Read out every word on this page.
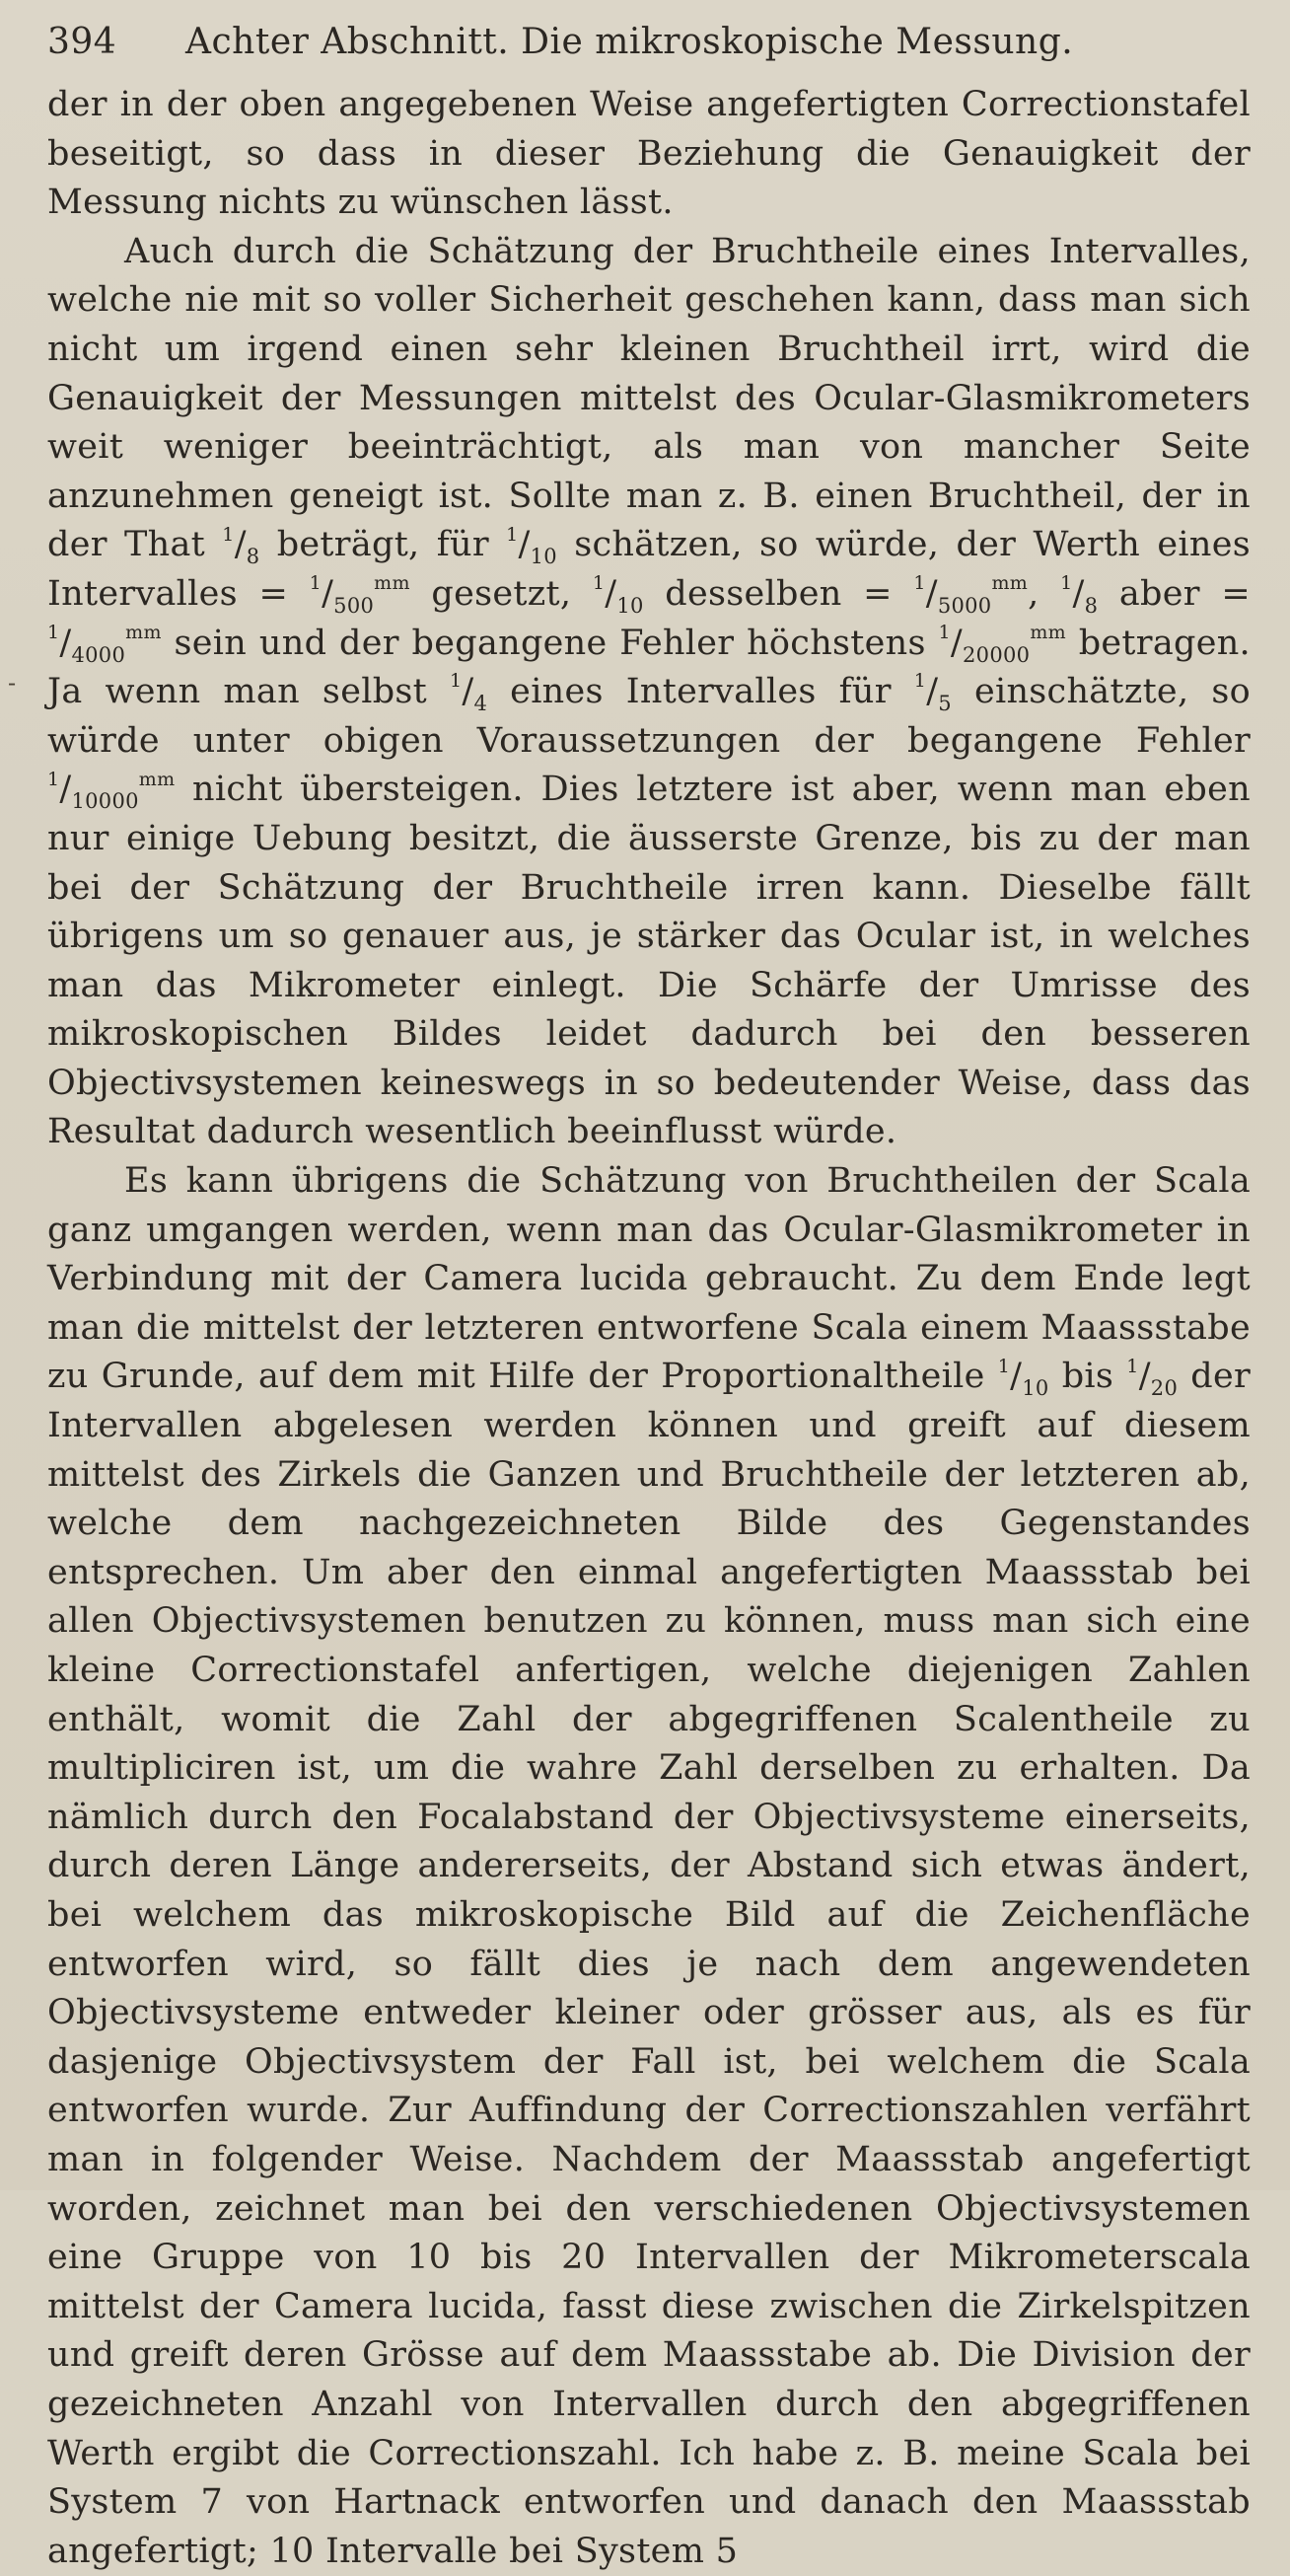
394	Achter Abschnitt. Die mikroskopische Messung.
-

der in der oben angegebenen Weise angefertigten Correctionstafel beseitigt, so dass in dieser Beziehung die Genauigkeit der Messung nichts zu wünschen lässt.

Auch durch die Schätzung der Bruchtheile eines Intervalles, welche nie mit so voller Sicherheit geschehen kann, dass man sich nicht um irgend einen sehr kleinen Bruchtheil irrt, wird die Genauigkeit der Messungen mittelst des Ocular-Glasmikrometers weit weniger beeinträchtigt, als man von mancher Seite anzunehmen geneigt ist. Sollte man z. B. einen Bruchtheil, der in der That $^1/_8$ beträgt, für $^1/_{10}$ schätzen, so würde, der Werth eines Intervalles = $^1/_{500}^{mm}$ gesetzt, $^1/_{10}$ desselben = $^1/_{5000}^{mm}$, $^1/_8$ aber = $^1/_{4000}^{mm}$ sein und der begangene Fehler höchstens $^1/_{20000}^{mm}$ betragen. Ja wenn man selbst $^1/_4$ eines Intervalles für $^1/_5$ einschätzte, so würde unter obigen Voraussetzungen der begangene Fehler $^1/_{10000}^{mm}$ nicht übersteigen. Dies letztere ist aber, wenn man eben nur einige Uebung besitzt, die äusserste Grenze, bis zu der man bei der Schätzung der Bruchtheile irren kann. Dieselbe fällt übrigens um so genauer aus, je stärker das Ocular ist, in welches man das Mikrometer einlegt. Die Schärfe der Umrisse des mikroskopischen Bildes leidet dadurch bei den besseren Objectivsystemen keineswegs in so bedeutender Weise, dass das Resultat dadurch wesentlich beeinflusst würde.

Es kann übrigens die Schätzung von Bruchtheilen der Scala ganz umgangen werden, wenn man das Ocular-Glasmikrometer in Verbindung mit der Camera lucida gebraucht. Zu dem Ende legt man die mittelst der letzteren entworfene Scala einem Maassstabe zu Grunde, auf dem mit Hilfe der Proportionaltheile $^1/_{10}$ bis $^1/_{20}$ der Intervallen abgelesen werden können und greift auf diesem mittelst des Zirkels die Ganzen und Bruchtheile der letzteren ab, welche dem nachgezeichneten Bilde des Gegenstandes entsprechen. Um aber den einmal angefertigten Maassstab bei allen Objectivsystemen benutzen zu können, muss man sich eine kleine Correctionstafel anfertigen, welche diejenigen Zahlen enthält, womit die Zahl der abgegriffenen Scalentheile zu multipliciren ist, um die wahre Zahl derselben zu erhalten. Da nämlich durch den Focalabstand der Objectivsysteme einerseits, durch deren Länge andererseits, der Abstand sich etwas ändert, bei welchem das mikroskopische Bild auf die Zeichenfläche entworfen wird, so fällt dies je nach dem angewendeten Objectivsysteme entweder kleiner oder grösser aus, als es für dasjenige Objectivsystem der Fall ist, bei welchem die Scala entworfen wurde. Zur Auffindung der Correctionszahlen verfährt man in folgender Weise. Nachdem der Maassstab angefertigt worden, zeichnet man bei den verschiedenen Objectivsystemen eine Gruppe von 10 bis 20 Intervallen der Mikrometerscala mittelst der Camera lucida, fasst diese zwischen die Zirkelspitzen und greift deren Grösse auf dem Maassstabe ab. Die Division der gezeichneten Anzahl von Intervallen durch den abgegriffenen Werth ergibt die Correctionszahl. Ich habe z. B. meine Scala bei System 7 von Hartnack entworfen und danach den Maassstab angefertigt; 10 Intervalle bei System 5
